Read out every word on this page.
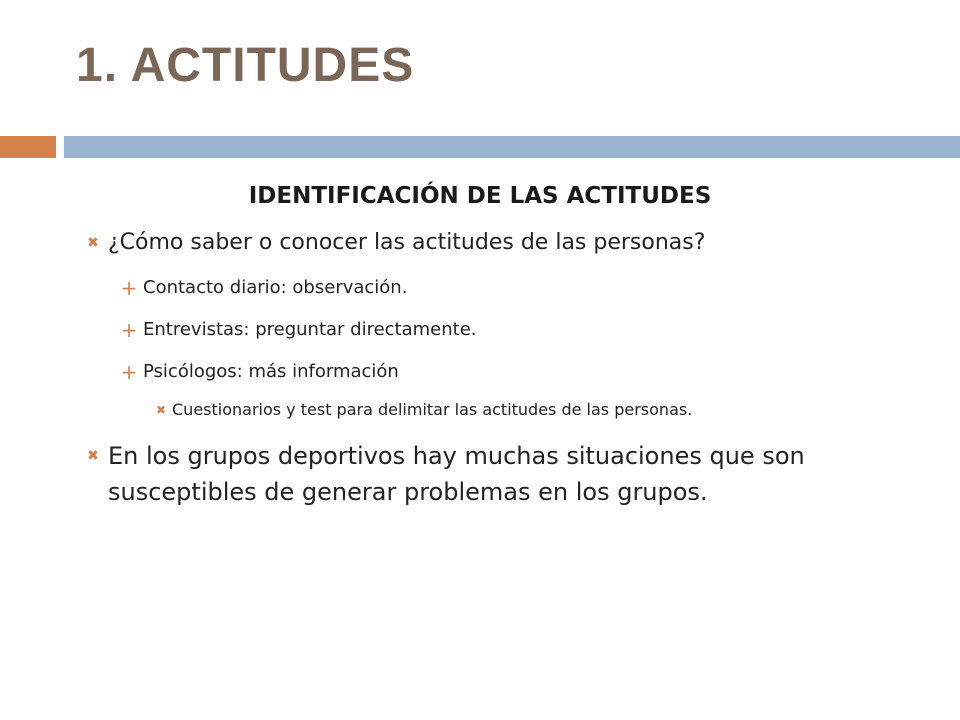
1. ACTITUDES
IDENTIFICACIÓN DE LAS ACTITUDES
✖ ¿Cómo saber o conocer las actitudes de las personas?
+ Contacto diario: observación.
+ Entrevistas: preguntar directamente.
+ Psicólogos: más información
✖ Cuestionarios y test para delimitar las actitudes de las personas.
✖ En los grupos deportivos hay muchas situaciones que son susceptibles de generar problemas en los grupos.
